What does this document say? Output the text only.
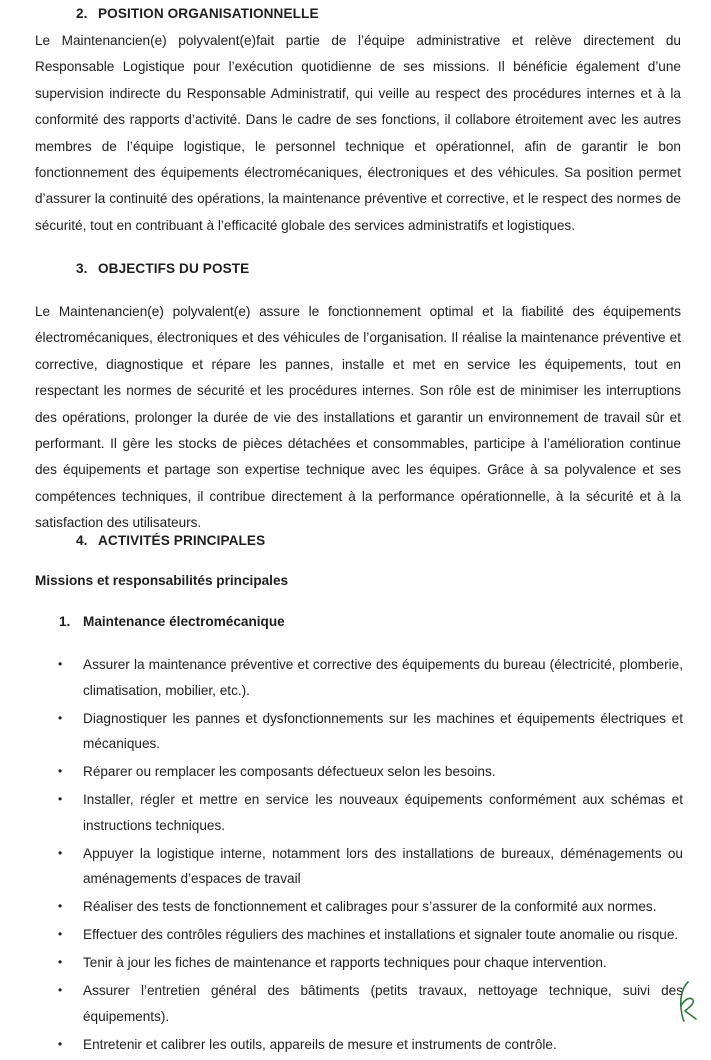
2. POSITION ORGANISATIONNELLE

Le Maintenancien(e) polyvalent(e)fait partie de l’équipe administrative et relève directement du Responsable Logistique pour l’exécution quotidienne de ses missions. Il bénéficie également d’une supervision indirecte du Responsable Administratif, qui veille au respect des procédures internes et à la conformité des rapports d’activité. Dans le cadre de ses fonctions, il collabore étroitement avec les autres membres de l’équipe logistique, le personnel technique et opérationnel, afin de garantir le bon fonctionnement des équipements électromécaniques, électroniques et des véhicules. Sa position permet d’assurer la continuité des opérations, la maintenance préventive et corrective, et le respect des normes de sécurité, tout en contribuant à l’efficacité globale des services administratifs et logistiques.

3. OBJECTIFS DU POSTE

Le Maintenancien(e) polyvalent(e) assure le fonctionnement optimal et la fiabilité des équipements électromécaniques, électroniques et des véhicules de l’organisation. Il réalise la maintenance préventive et corrective, diagnostique et répare les pannes, installe et met en service les équipements, tout en respectant les normes de sécurité et les procédures internes. Son rôle est de minimiser les interruptions des opérations, prolonger la durée de vie des installations et garantir un environnement de travail sûr et performant. Il gère les stocks de pièces détachées et consommables, participe à l’amélioration continue des équipements et partage son expertise technique avec les équipes. Grâce à sa polyvalence et ses compétences techniques, il contribue directement à la performance opérationnelle, à la sécurité et à la satisfaction des utilisateurs.

4. ACTIVITÉS PRINCIPALES
Missions et responsabilités principales
1. Maintenance électromécanique
• Assurer la maintenance préventive et corrective des équipements du bureau (électricité, plomberie, climatisation, mobilier, etc.).
• Diagnostiquer les pannes et dysfonctionnements sur les machines et équipements électriques et mécaniques.
• Réparer ou remplacer les composants défectueux selon les besoins.
• Installer, régler et mettre en service les nouveaux équipements conformément aux schémas et instructions techniques.
• Appuyer la logistique interne, notamment lors des installations de bureaux, déménagements ou aménagements d’espaces de travail
• Réaliser des tests de fonctionnement et calibrages pour s’assurer de la conformité aux normes.
• Effectuer des contrôles réguliers des machines et installations et signaler toute anomalie ou risque.
• Tenir à jour les fiches de maintenance et rapports techniques pour chaque intervention.
• Assurer l’entretien général des bâtiments (petits travaux, nettoyage technique, suivi des équipements).
• Entretenir et calibrer les outils, appareils de mesure et instruments de contrôle.
